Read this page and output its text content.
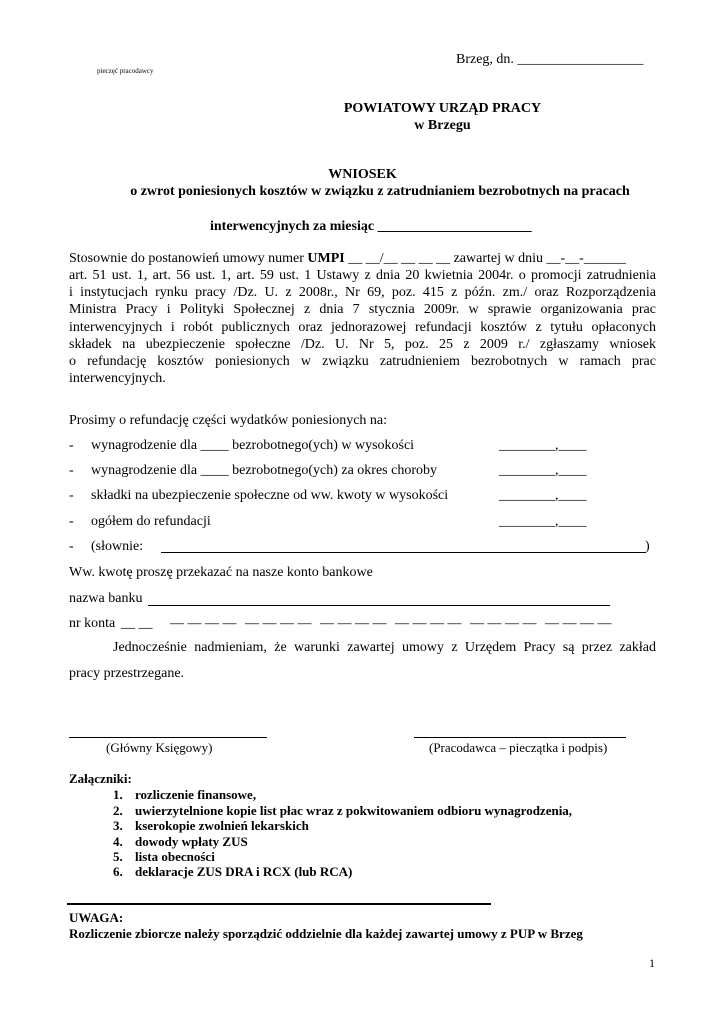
Brzeg, dn. __________________
pieczęć pracodawcy
POWIATOWY URZĄD PRACY
w Brzegu
WNIOSEK
o zwrot poniesionych kosztów w związku z zatrudnianiem bezrobotnych na pracach
interwencyjnych za miesiąc ______________________
Stosownie do postanowień umowy numer UMPI __ __/__ __ __ __ zawartej w dniu __-__-______
art. 51 ust. 1, art. 56 ust. 1, art. 59 ust. 1 Ustawy z dnia 20 kwietnia 2004r. o promocji zatrudnienia
i instytucjach rynku pracy /Dz. U. z 2008r., Nr 69, poz. 415 z późn. zm./ oraz Rozporządzenia
Ministra Pracy i Polityki Społecznej z dnia 7 stycznia 2009r. w sprawie organizowania prac
interwencyjnych i robót publicznych oraz jednorazowej refundacji kosztów z tytułu opłaconych
składek na ubezpieczenie społeczne /Dz. U. Nr 5, poz. 25 z 2009 r./ zgłaszamy wniosek
o refundację kosztów poniesionych w związku zatrudnieniem bezrobotnych w ramach prac
interwencyjnych.
Prosimy o refundację części wydatków poniesionych na:
- wynagrodzenie dla ____ bezrobotnego(ych) w wysokości	________,____
- wynagrodzenie dla ____ bezrobotnego(ych) za okres choroby	________,____
- składki na ubezpieczenie społeczne od ww. kwoty w wysokości	________,____
- ogółem do refundacji	________,____
- (słownie:	)
Ww. kwotę proszę przekazać na nasze konto bankowe
nazwa banku
nr konta __ __ — — — — — — — — — — — — — — — — — — — — — — — —
Jednocześnie nadmieniam, że warunki zawartej umowy z Urzędem Pracy są przez zakład
pracy przestrzegane.
(Główny Księgowy)	(Pracodawca – pieczątka i podpis)
Załączniki:
1. rozliczenie finansowe,
2. uwierzytelnione kopie list płac wraz z pokwitowaniem odbioru wynagrodzenia,
3. kserokopie zwolnień lekarskich
4. dowody wpłaty ZUS
5. lista obecności
6. deklaracje ZUS DRA i RCX (lub RCA)
UWAGA:
Rozliczenie zbiorcze należy sporządzić oddzielnie dla każdej zawartej umowy z PUP w Brzeg
1
